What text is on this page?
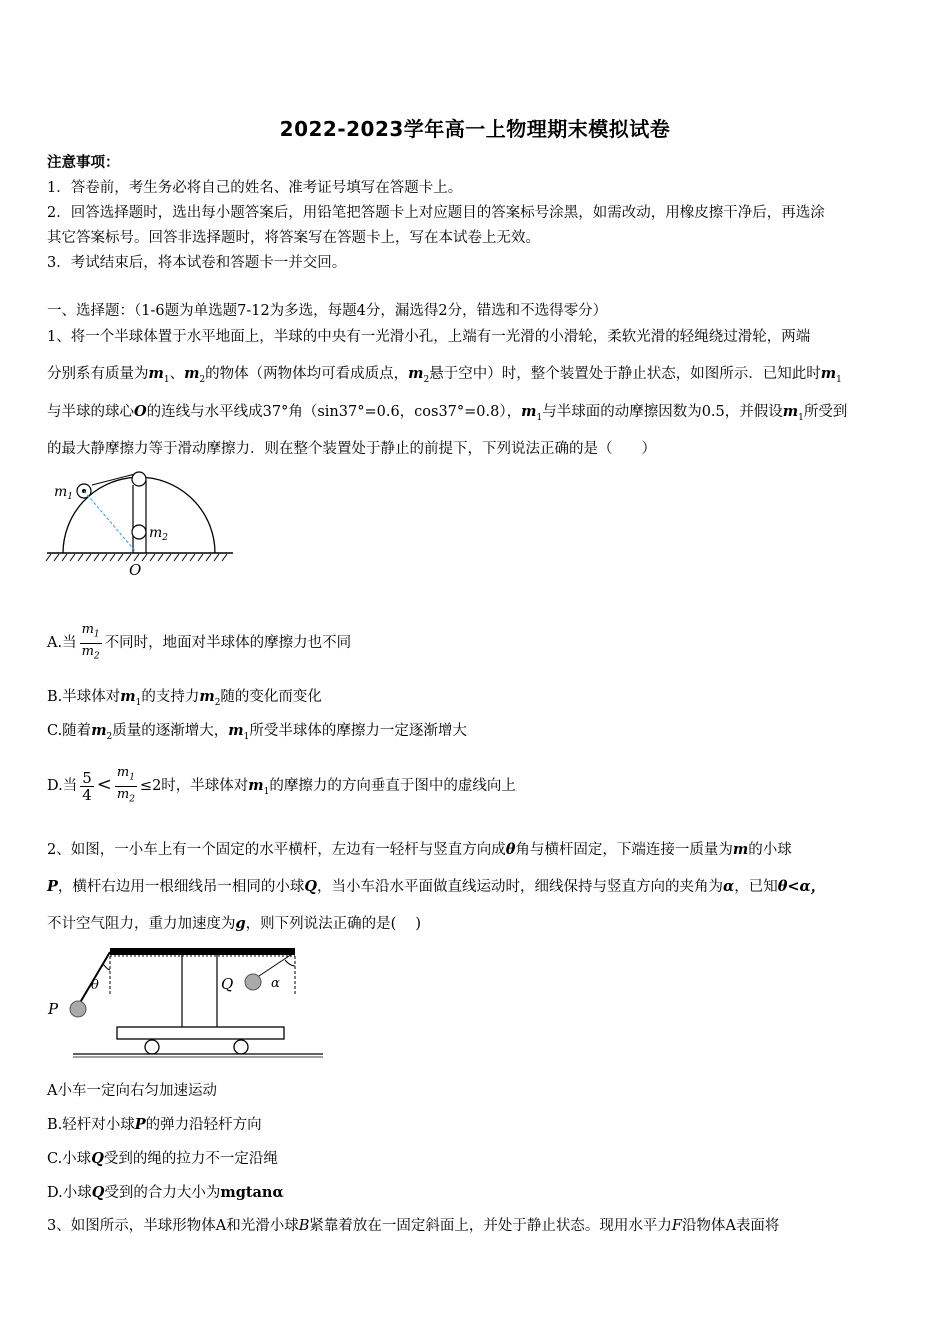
2022-2023学年高一上物理期末模拟试卷
注意事项：
1．答卷前，考生务必将自己的姓名、准考证号填写在答题卡上。
2．回答选择题时，选出每小题答案后，用铅笔把答题卡上对应题目的答案标号涂黑，如需改动，用橡皮擦干净后，再选涂
其它答案标号。回答非选择题时，将答案写在答题卡上，写在本试卷上无效。
3．考试结束后，将本试卷和答题卡一并交回。
一、选择题：（1-6题为单选题7-12为多选，每题4分，漏选得2分，错选和不选得零分）
1、将一个半球体置于水平地面上，半球的中央有一光滑小孔，上端有一光滑的小滑轮，柔软光滑的轻绳绕过滑轮，两端
分别系有质量为$m_1$、$m_2$的物体（两物体均可看成质点，$m_2$悬于空中）时，整个装置处于静止状态，如图所示．已知此时$m_1$
与半球的球心O的连线与水平线成37°角（sin37°=0.6，cos37°=0.8），$m_1$与半球面的动摩擦因数为0.5，并假设$m_1$所受到
的最大静摩擦力等于滑动摩擦力．则在整个装置处于静止的前提下，下列说法正确的是（　　）
$m_1$
$m_2$
O
A.当 $\frac{m_1}{m_2}$ 不同时，地面对半球体的摩擦力也不同
B.半球体对$m_1$的支持力$m_2$随的变化而变化
C.随着$m_2$质量的逐渐增大，$m_1$所受半球体的摩擦力一定逐渐增大
D.当 $\frac{5}{4} < \frac{m_1}{m_2} \le 2$时，半球体对$m_1$的摩擦力的方向垂直于图中的虚线向上
2、如图，一小车上有一个固定的水平横杆，左边有一轻杆与竖直方向成θ角与横杆固定，下端连接一质量为m的小球
P，横杆右边用一根细线吊一相同的小球Q，当小车沿水平面做直线运动时，细线保持与竖直方向的夹角为α，已知θ<α，
不计空气阻力，重力加速度为g，则下列说法正确的是(　 )
P
Q
θ	α
A小车一定向右匀加速运动
B.轻杆对小球P的弹力沿轻杆方向
C.小球Q受到的绳的拉力不一定沿绳
D.小球Q受到的合力大小为mgtanα
3、如图所示，半球形物体A和光滑小球B紧靠着放在一固定斜面上，并处于静止状态。现用水平力F沿物体A表面将
